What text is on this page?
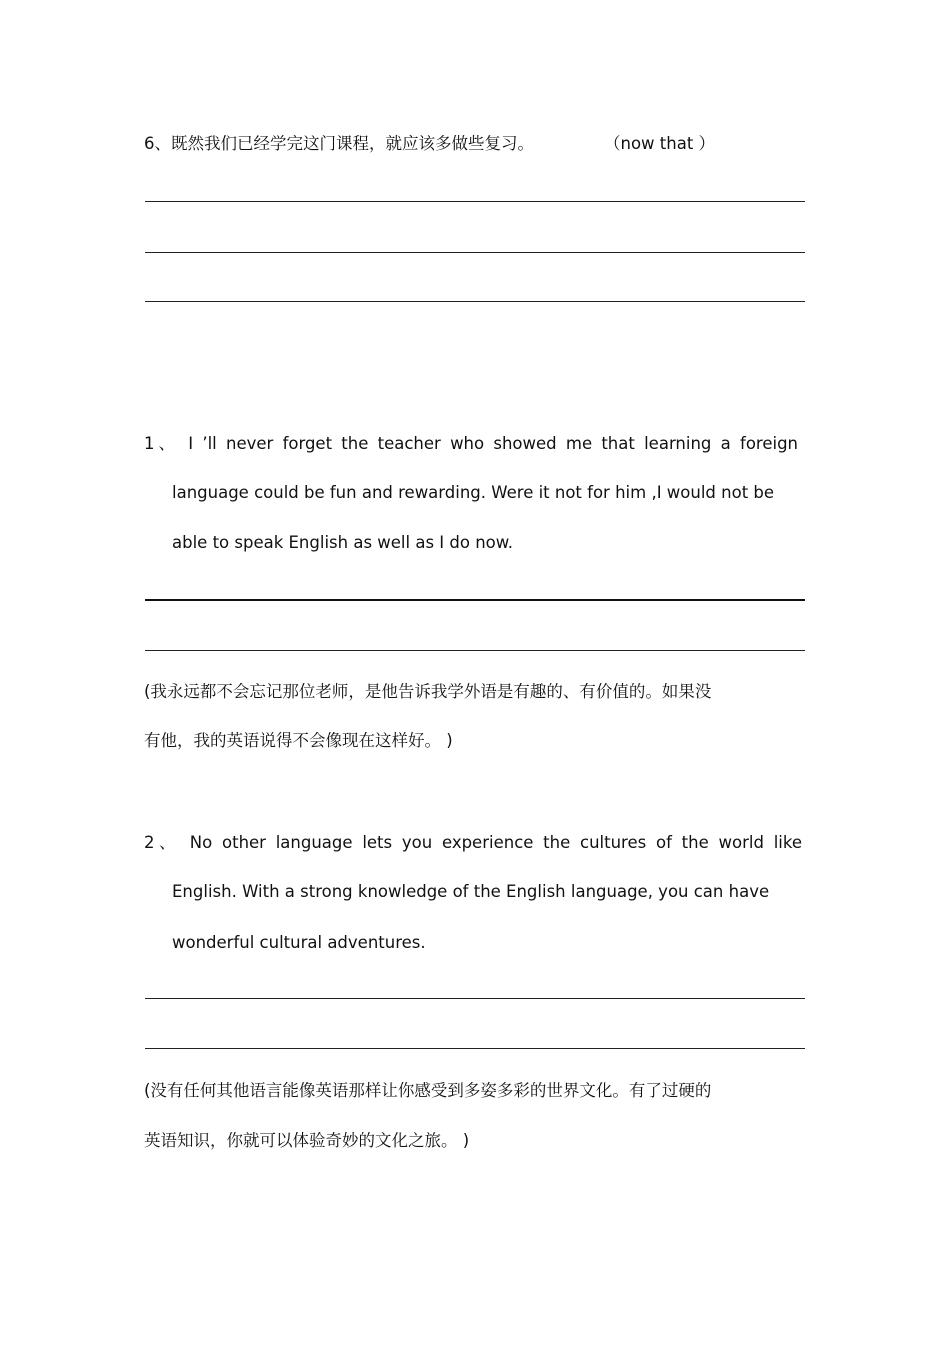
6、既然我们已经学完这门课程，就应该多做些复习。	（now that ）
1、 I ’ll never forget the teacher who showed me that learning a foreign
language could be fun and rewarding. Were it not for him ,I would not be
able to speak English as well as I do now.
(我永远都不会忘记那位老师，是他告诉我学外语是有趣的、有价值的。如果没
有他，我的英语说得不会像现在这样好。 )
2、 No other language lets you experience the cultures of the world like
English. With a strong knowledge of the English language, you can have
wonderful cultural adventures.
(没有任何其他语言能像英语那样让你感受到多姿多彩的世界文化。有了过硬的
英语知识，你就可以体验奇妙的文化之旅。 )
